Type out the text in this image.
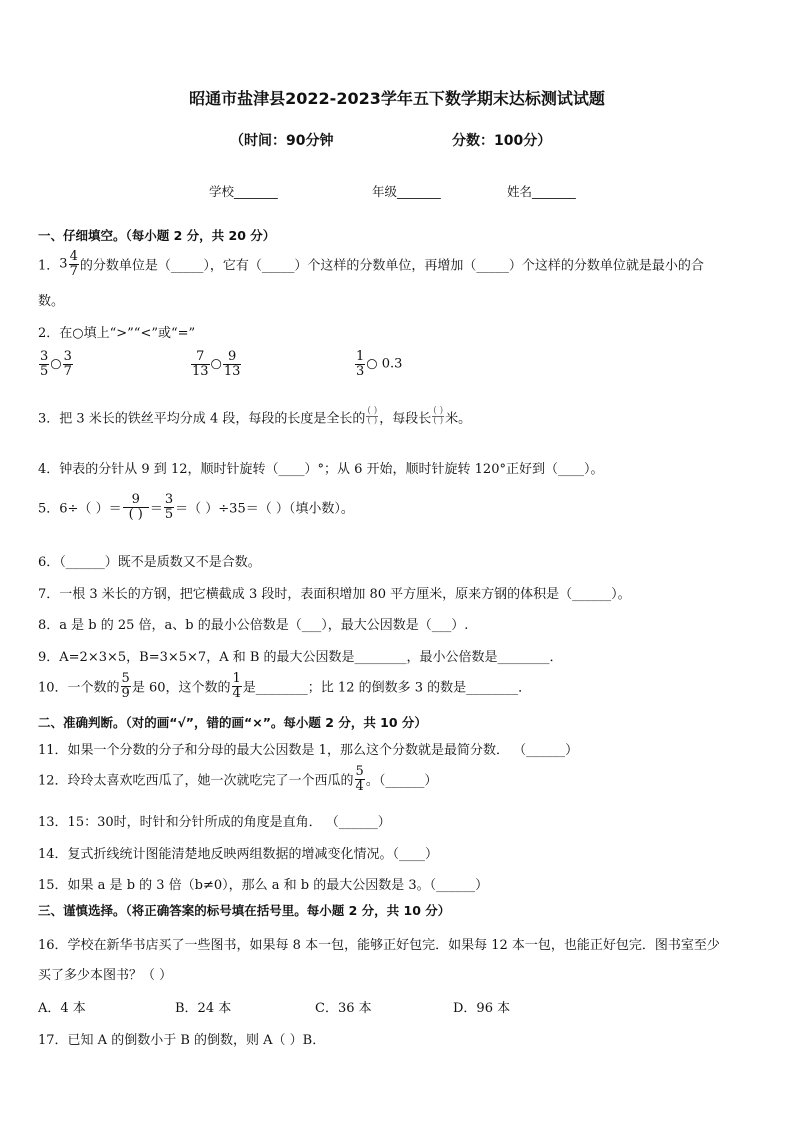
昭通市盐津县2022-2023学年五下数学期末达标测试试题
（时间：90分钟	分数：100分）
学校_______	年级_______	姓名_______
一、仔细填空。（每小题 2 分，共 20 分）
1．$3 \frac{4}{7}$ 的分数单位是（_____），它有（_____）个这样的分数单位，再增加（_____）个这样的分数单位就是最小的合
数。
2．在○填上“>”“<”或“=”
$\frac{3}{5}$ ○ $\frac{3}{7}$	$\frac{7}{13}$ ○ $\frac{9}{13}$	$\frac{1}{3}$ ○ 0.3
3．把 3 米长的铁丝平均分成 4 段，每段的长度是全长的 $\frac{( )}{( )}$ ，每段长 $\frac{( )}{( )}$ 米。
4．钟表的分针从 9 到 12，顺时针旋转（____）°；从 6 开始，顺时针旋转 120°正好到（____）。
5．6÷（ ）＝ $\frac{9}{( )} = \frac{3}{5}$ ＝（ ）÷35＝（ ）（填小数）。
6．（______）既不是质数又不是合数。
7．一根 3 米长的方钢，把它横截成 3 段时，表面积增加 80 平方厘米，原来方钢的体积是（______）。
8．a 是 b 的 25 倍，a、b 的最小公倍数是（___），最大公因数是（___）.
9．A=2×3×5，B=3×5×7，A 和 B 的最大公因数是________，最小公倍数是________．
10．一个数的 $\frac{5}{9}$ 是 60，这个数的 $\frac{1}{4}$ 是________；比 12 的倒数多 3 的数是________．
二、准确判断。（对的画“√”，错的画“×”。每小题 2 分，共 10 分）
11．如果一个分数的分子和分母的最大公因数是 1，那么这个分数就是最简分数． （______）
12．玲玲太喜欢吃西瓜了，她一次就吃完了一个西瓜的 $\frac{5}{4}$ 。（______）
13．15：30时，时针和分针所成的角度是直角． （______）
14．复式折线统计图能清楚地反映两组数据的增减变化情况。（____）
15．如果 a 是 b 的 3 倍（b≠0），那么 a 和 b 的最大公因数是 3。（______）
三、谨慎选择。（将正确答案的标号填在括号里。每小题 2 分，共 10 分）
16．学校在新华书店买了一些图书，如果每 8 本一包，能够正好包完．如果每 12 本一包，也能正好包完．图书室至少
买了多少本图书？（ ）
A．4 本	B．24 本	C．36 本	D．96 本
17．已知 A 的倒数小于 B 的倒数，则 A（ ）B．
